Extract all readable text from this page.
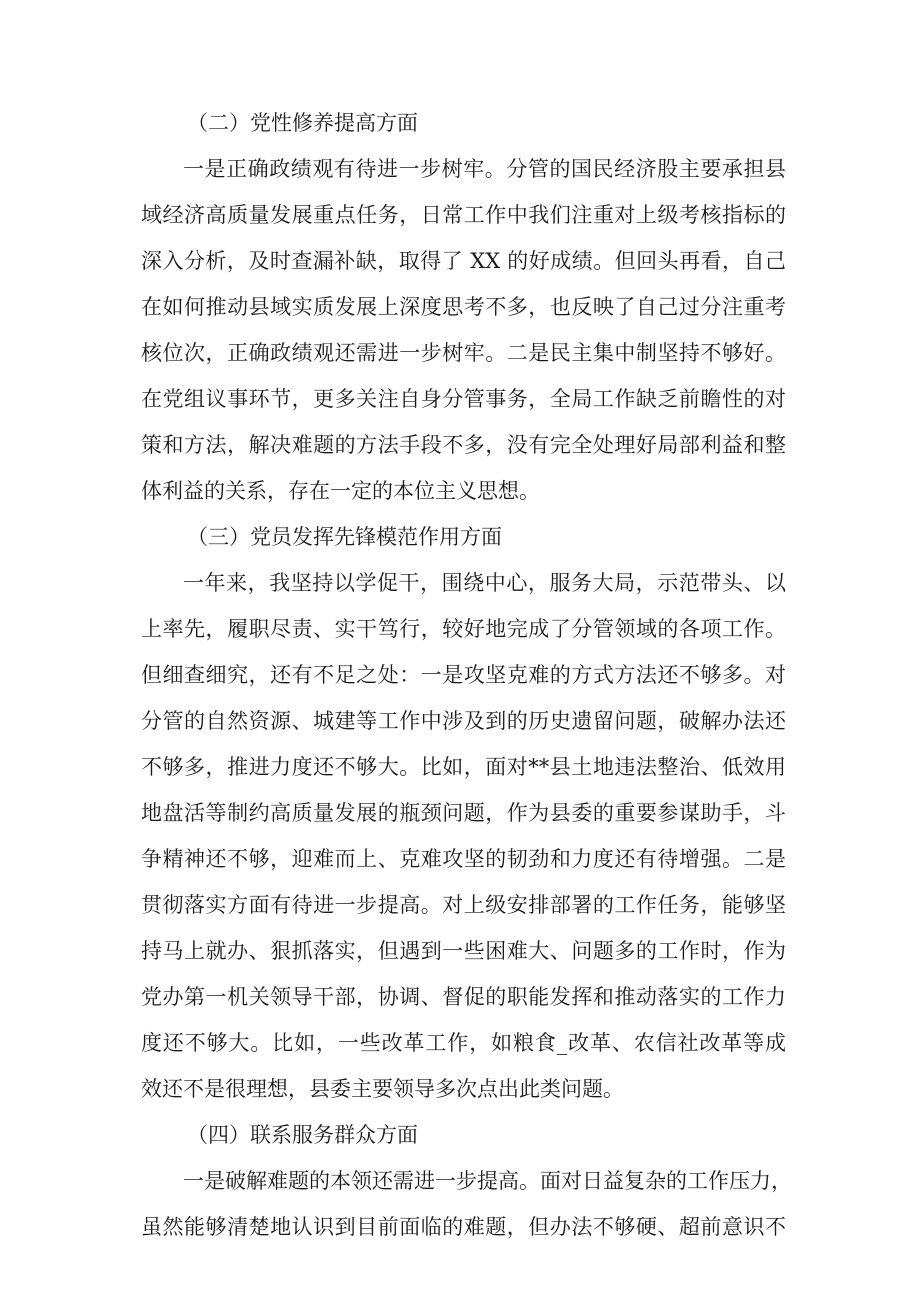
（二）党性修养提高方面
一是正确政绩观有待进一步树牢。分管的国民经济股主要承担县
域经济高质量发展重点任务，日常工作中我们注重对上级考核指标的
深入分析，及时查漏补缺，取得了 XX 的好成绩。但回头再看，自己
在如何推动县域实质发展上深度思考不多，也反映了自己过分注重考
核位次，正确政绩观还需进一步树牢。二是民主集中制坚持不够好。
在党组议事环节，更多关注自身分管事务，全局工作缺乏前瞻性的对
策和方法，解决难题的方法手段不多，没有完全处理好局部利益和整
体利益的关系，存在一定的本位主义思想。
（三）党员发挥先锋模范作用方面
一年来，我坚持以学促干，围绕中心，服务大局，示范带头、以
上率先，履职尽责、实干笃行，较好地完成了分管领域的各项工作。
但细查细究，还有不足之处：一是攻坚克难的方式方法还不够多。对
分管的自然资源、城建等工作中涉及到的历史遗留问题，破解办法还
不够多，推进力度还不够大。比如，面对**县土地违法整治、低效用
地盘活等制约高质量发展的瓶颈问题，作为县委的重要参谋助手，斗
争精神还不够，迎难而上、克难攻坚的韧劲和力度还有待增强。二是
贯彻落实方面有待进一步提高。对上级安排部署的工作任务，能够坚
持马上就办、狠抓落实，但遇到一些困难大、问题多的工作时，作为
党办第一机关领导干部，协调、督促的职能发挥和推动落实的工作力
度还不够大。比如，一些改革工作，如粮食_改革、农信社改革等成
效还不是很理想，县委主要领导多次点出此类问题。
（四）联系服务群众方面
一是破解难题的本领还需进一步提高。面对日益复杂的工作压力，
虽然能够清楚地认识到目前面临的难题，但办法不够硬、超前意识不
